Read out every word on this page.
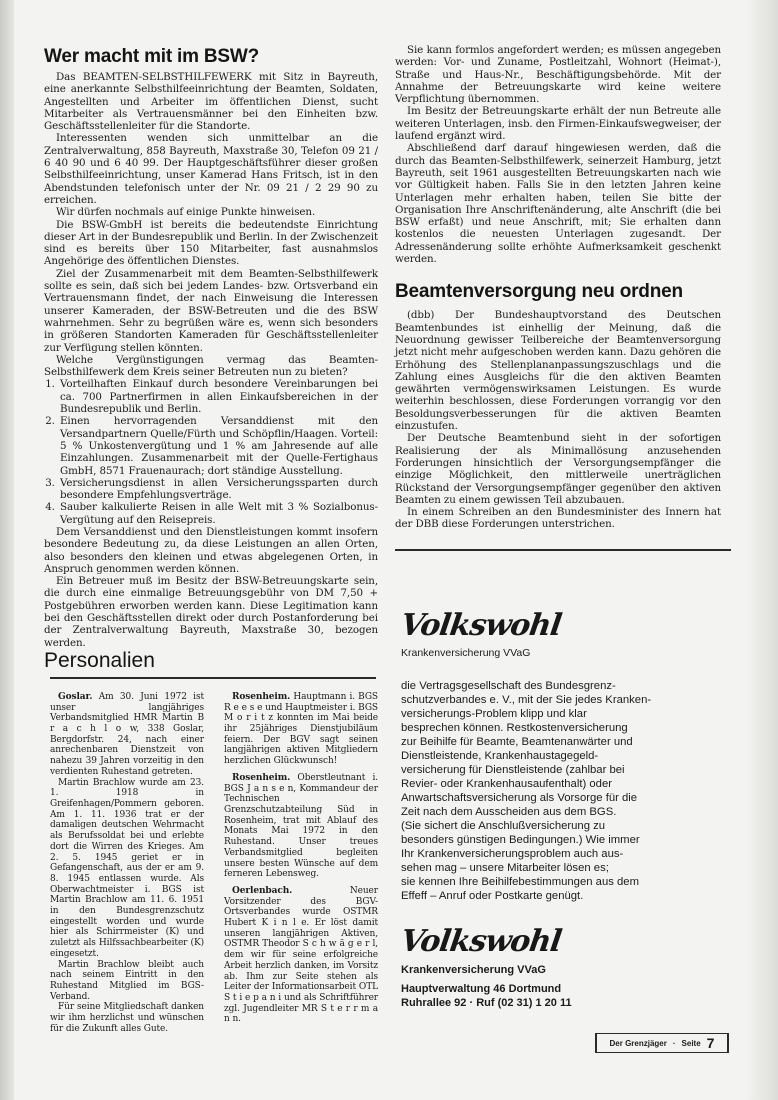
Wer macht mit im BSW?

Das BEAMTEN-SELBSTHILFEWERK mit Sitz in Bayreuth, eine anerkannte Selbsthilfeeinrichtung der Beamten, Soldaten, Angestellten und Arbeiter im öffentlichen Dienst, sucht Mitarbeiter als Vertrauensmänner bei den Einheiten bzw. Geschäftsstellenleiter für die Standorte.

Interessenten wenden sich unmittelbar an die Zentralverwaltung, 858 Bayreuth, Maxstraße 30, Telefon 09 21 / 6 40 90 und 6 40 99. Der Hauptgeschäftsführer dieser großen Selbsthilfeeinrichtung, unser Kamerad Hans Fritsch, ist in den Abendstunden telefonisch unter der Nr. 09 21 / 2 29 90 zu erreichen.

Wir dürfen nochmals auf einige Punkte hinweisen.

Die BSW-GmbH ist bereits die bedeutendste Einrichtung dieser Art in der Bundesrepublik und Berlin. In der Zwischenzeit sind es bereits über 150 Mitarbeiter, fast ausnahmslos Angehörige des öffentlichen Dienstes.

Ziel der Zusammenarbeit mit dem Beamten-Selbsthilfewerk sollte es sein, daß sich bei jedem Landes- bzw. Ortsverband ein Vertrauensmann findet, der nach Einweisung die Interessen unserer Kameraden, der BSW-Betreuten und die des BSW wahrnehmen. Sehr zu begrüßen wäre es, wenn sich besonders in größeren Standorten Kameraden für Geschäftsstellenleiter zur Verfügung stellen könnten.

Welche Vergünstigungen vermag das Beamten-Selbsthilfewerk dem Kreis seiner Betreuten nun zu bieten?

1. Vorteilhaften Einkauf durch besondere Vereinbarungen bei ca. 700 Partnerfirmen in allen Einkaufsbereichen in der Bundesrepublik und Berlin.
2. Einen hervorragenden Versanddienst mit den Versandpartnern Quelle/Fürth und Schöpflin/Haagen. Vorteil: 5 % Unkostenvergütung und 1 % am Jahresende auf alle Einzahlungen. Zusammenarbeit mit der Quelle-Fertighaus GmbH, 8571 Frauenaurach; dort ständige Ausstellung.
3. Versicherungsdienst in allen Versicherungssparten durch besondere Empfehlungsverträge.
4. Sauber kalkulierte Reisen in alle Welt mit 3 % Sozialbonus-Vergütung auf den Reisepreis.

Dem Versanddienst und den Dienstleistungen kommt insofern besondere Bedeutung zu, da diese Leistungen an allen Orten, also besonders den kleinen und etwas abgelegenen Orten, in Anspruch genommen werden können.

Ein Betreuer muß im Besitz der BSW-Betreuungskarte sein, die durch eine einmalige Betreuungsgebühr von DM 7,50 + Postgebühren erworben werden kann. Diese Legitimation kann bei den Geschäftsstellen direkt oder durch Postanforderung bei der Zentralverwaltung Bayreuth, Maxstraße 30, bezogen werden.

Personalien

Goslar. Am 30. Juni 1972 ist unser langjähriges Verbandsmitglied HMR Martin B r a c h l o w, 338 Goslar, Bergdorfstr. 24, nach einer anrechenbaren Dienstzeit von nahezu 39 Jahren vorzeitig in den verdienten Ruhestand getreten.

Martin Brachlow wurde am 23. 1. 1918 in Greifenhagen/Pommern geboren. Am 1. 11. 1936 trat er der damaligen deutschen Wehrmacht als Berufssoldat bei und erlebte dort die Wirren des Krieges. Am 2. 5. 1945 geriet er in Gefangenschaft, aus der er am 9. 8. 1945 entlassen wurde. Als Oberwachtmeister i. BGS ist Martin Brachlow am 11. 6. 1951 in den Bundesgrenzschutz eingestellt worden und wurde hier als Schirrmeister (K) und zuletzt als Hilfssachbearbeiter (K) eingesetzt.

Martin Brachlow bleibt auch nach seinem Eintritt in den Ruhestand Mitglied im BGS-Verband.

Für seine Mitgliedschaft danken wir ihm herzlichst und wünschen für die Zukunft alles Gute.

Rosenheim. Hauptmann i. BGS R e e s e und Hauptmeister i. BGS M o r i t z konnten im Mai beide ihr 25jähriges Dienstjubiläum feiern. Der BGV sagt seinen langjährigen aktiven Mitgliedern herzlichen Glückwunsch!

Rosenheim. Oberstleutnant i. BGS J a n s e n, Kommandeur der Technischen Grenzschutzabteilung Süd in Rosenheim, trat mit Ablauf des Monats Mai 1972 in den Ruhestand. Unser treues Verbandsmitglied begleiten unsere besten Wünsche auf dem ferneren Lebensweg.

Oerlenbach.	Neuer Vorsitzender des BGV-Ortsverbandes wurde OSTMR Hubert K i n l e. Er löst damit unseren langjährigen Aktiven, OSTMR Theodor S c h w ä g e r l, dem wir für seine erfolgreiche Arbeit herzlich danken, im Vorsitz ab. Ihm zur Seite stehen als Leiter der Informationsarbeit OTL S t i e p a n i und als Schriftführer zgl. Jugendleiter MR S t e r r m a n n.

Sie kann formlos angefordert werden; es müssen angegeben werden: Vor- und Zuname, Postleitzahl, Wohnort (Heimat-), Straße und Haus-Nr., Beschäftigungsbehörde. Mit der Annahme der Betreuungskarte wird keine weitere Verpflichtung übernommen.

Im Besitz der Betreuungskarte erhält der nun Betreute alle weiteren Unterlagen, insb. den Firmen-Einkaufswegweiser, der laufend ergänzt wird.

Abschließend darf darauf hingewiesen werden, daß die durch das Beamten-Selbsthilfewerk, seinerzeit Hamburg, jetzt Bayreuth, seit 1961 ausgestellten Betreuungskarten nach wie vor Gültigkeit haben. Falls Sie in den letzten Jahren keine Unterlagen mehr erhalten haben, teilen Sie bitte der Organisation Ihre Anschriftenänderung, alte Anschrift (die bei BSW erfaßt) und neue Anschrift, mit; Sie erhalten dann kostenlos die neuesten Unterlagen zugesandt. Der Adressenänderung sollte erhöhte Aufmerksamkeit geschenkt werden.

Beamtenversorgung neu ordnen

(dbb) Der Bundeshauptvorstand des Deutschen Beamtenbundes ist einhellig der Meinung, daß die Neuordnung gewisser Teilbereiche der Beamtenversorgung jetzt nicht mehr aufgeschoben werden kann. Dazu gehören die Erhöhung des Stellenplananpassungszuschlags und die Zahlung eines Ausgleichs für die den aktiven Beamten gewährten vermögenswirksamen Leistungen. Es wurde weiterhin beschlossen, diese Forderungen vorrangig vor den Besoldungsverbesserungen für die aktiven Beamten einzustufen.

Der Deutsche Beamtenbund sieht in der sofortigen Realisierung der als Minimallösung anzusehenden Forderungen hinsichtlich der Versorgungsempfänger die einzige Möglichkeit, den mittlerweile unerträglichen Rückstand der Versorgungsempfänger gegenüber den aktiven Beamten zu einem gewissen Teil abzubauen.

In einem Schreiben an den Bundesminister des Innern hat der DBB diese Forderungen unterstrichen.

Volkswohl

Krankenversicherung VVaG

die Vertragsgesellschaft des Bundesgrenz-
schutzverbandes e. V., mit der Sie jedes Kranken-
versicherungs-Problem klipp und klar
besprechen können. Restkostenversicherung
zur Beihilfe für Beamte, Beamtenanwärter und
Dienstleistende, Krankenhaustagegeld-
versicherung für Dienstleistende (zahlbar bei
Revier- oder Krankenhausaufenthalt) oder
Anwartschaftsversicherung als Vorsorge für die
Zeit nach dem Ausscheiden aus dem BGS.
(Sie sichert die Anschlußversicherung zu
besonders günstigen Bedingungen.) Wie immer
Ihr Krankenversicherungsproblem auch aus-
sehen mag – unsere Mitarbeiter lösen es;
sie kennen Ihre Beihilfebestimmungen aus dem
Effeff – Anruf oder Postkarte genügt.

Volkswohl

Krankenversicherung VVaG

Hauptverwaltung 46 Dortmund

Ruhrallee 92 · Ruf (02 31) 1 20 11

Der Grenzjäger · Seite 7
